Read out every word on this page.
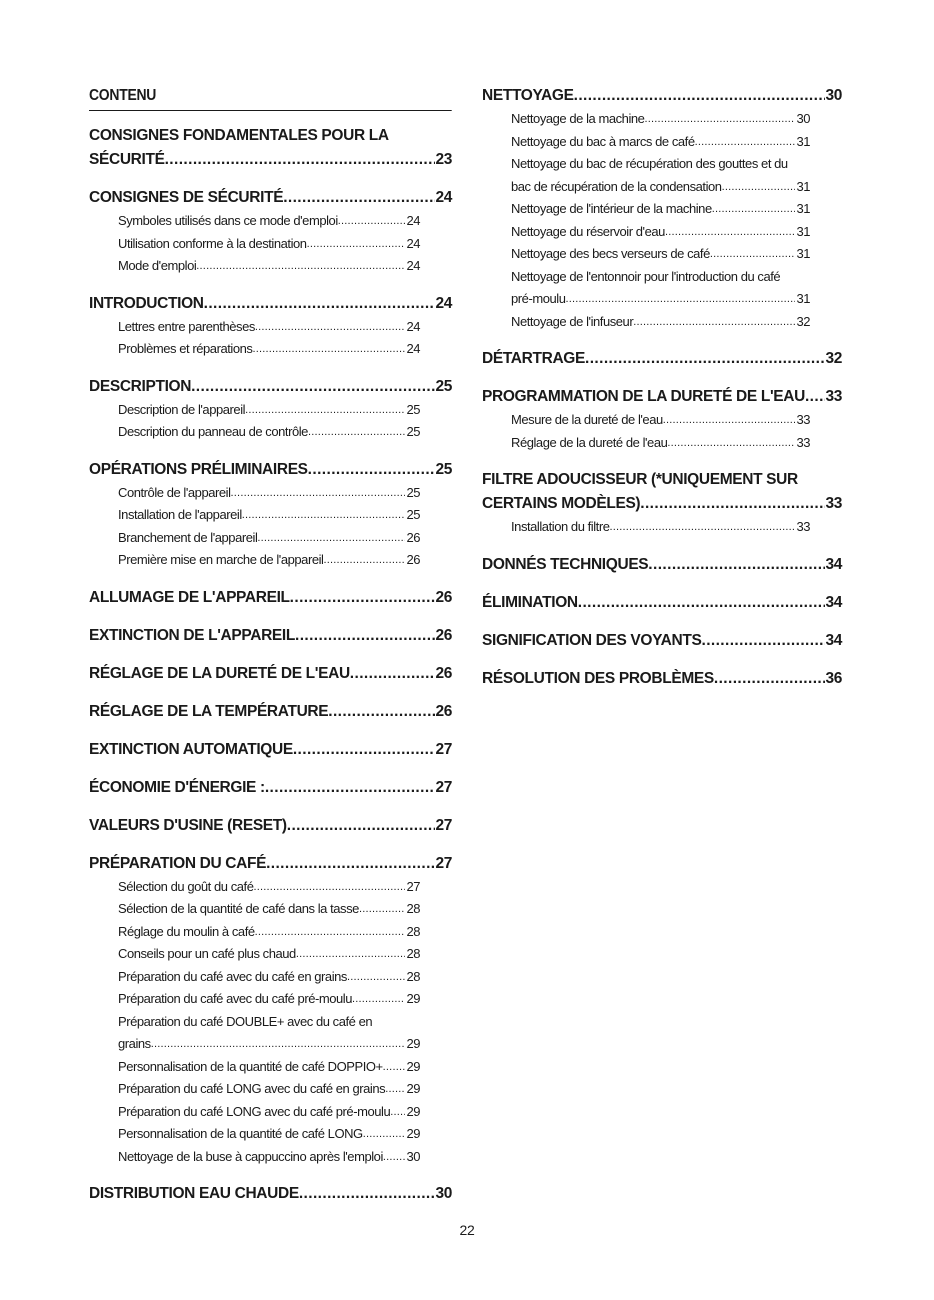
CONTENU
CONSIGNES FONDAMENTALES POUR LA
SÉCURITÉ .....	23
CONSIGNES DE SÉCURITÉ .....	24
Symboles utilisés dans ce mode d'emploi .....	24
Utilisation conforme à la destination .....	24
Mode d'emploi .....	24
INTRODUCTION .....	24
Lettres entre parenthèses .....	24
Problèmes et réparations .....	24
DESCRIPTION .....	25
Description de l'appareil .....	25
Description du panneau de contrôle .....	25
OPÉRATIONS PRÉLIMINAIRES .....	25
Contrôle de l'appareil .....	25
Installation de l'appareil .....	25
Branchement de l'appareil .....	26
Première mise en marche de l'appareil .....	26
ALLUMAGE DE L'APPAREIL .....	26
EXTINCTION DE L'APPAREIL .....	26
RÉGLAGE DE LA DURETÉ DE L'EAU .....	26
RÉGLAGE DE LA TEMPÉRATURE .....	26
EXTINCTION AUTOMATIQUE .....	27
ÉCONOMIE D'ÉNERGIE : .....	27
VALEURS D'USINE (RESET) .....	27
PRÉPARATION DU CAFÉ .....	27
Sélection du goût du café .....	27
Sélection de la quantité de café dans la tasse .....	28
Réglage du moulin à café .....	28
Conseils pour un café plus chaud .....	28
Préparation du café avec du café en grains .....	28
Préparation du café avec du café pré-moulu .....	29
Préparation du café DOUBLE+ avec du café en
grains .....	29
Personnalisation de la quantité de café DOPPIO+ ..... 29
Préparation du café LONG avec du café en grains ..... 29
Préparation du café LONG avec du café pré-moulu ..... 29
Personnalisation de la quantité de café LONG .....	29
Nettoyage de la buse à cappuccino après l'emploi ..... 30
DISTRIBUTION EAU CHAUDE .....	30
NETTOYAGE .....	30
Nettoyage de la machine .....	30
Nettoyage du bac à marcs de café .....	31
Nettoyage du bac de récupération des gouttes et du
bac de récupération de la condensation .....	31
Nettoyage de l'intérieur de la machine .....	31
Nettoyage du réservoir d'eau .....	31
Nettoyage des becs verseurs de café .....	31
Nettoyage de l'entonnoir pour l'introduction du café
pré-moulu .....	31
Nettoyage de l'infuseur .....	32
DÉTARTRAGE .....	32
PROGRAMMATION DE LA DURETÉ DE L'EAU ..... 33
Mesure de la dureté de l'eau .....	33
Réglage de la dureté de l'eau .....	33
FILTRE ADOUCISSEUR (*UNIQUEMENT SUR
CERTAINS MODÈLES) .....	33
Installation du filtre .....	33
DONNÉS TECHNIQUES .....	34
ÉLIMINATION .....	34
SIGNIFICATION DES VOYANTS .....	34
RÉSOLUTION DES PROBLÈMES .....	36
22
